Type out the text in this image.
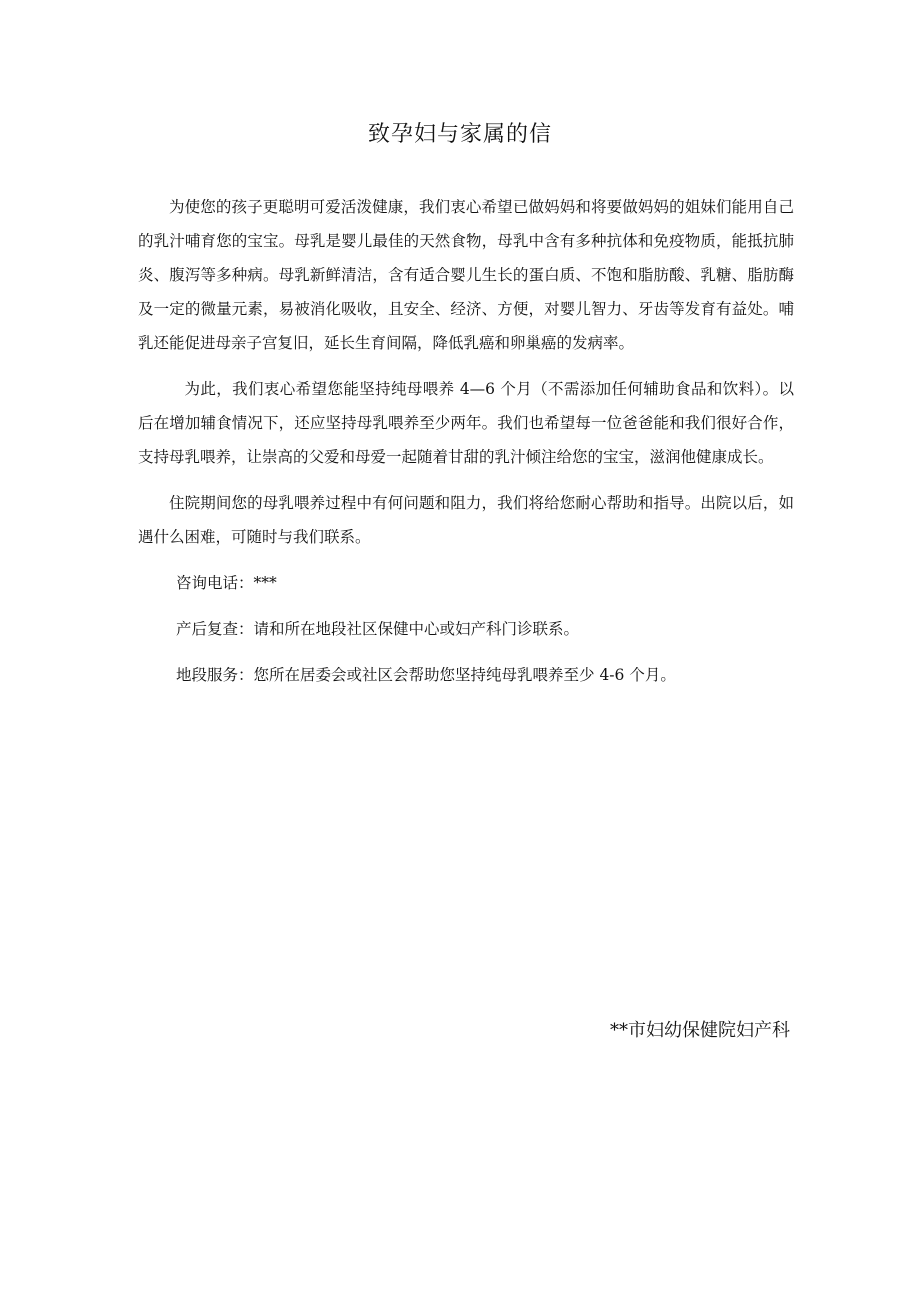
致孕妇与家属的信

为使您的孩子更聪明可爱活泼健康，我们衷心希望已做妈妈和将要做妈妈的姐妹们能用自己的乳汁哺育您的宝宝。母乳是婴儿最佳的天然食物，母乳中含有多种抗体和免疫物质，能抵抗肺炎、腹泻等多种病。母乳新鲜清洁，含有适合婴儿生长的蛋白质、不饱和脂肪酸、乳糖、脂肪酶及一定的微量元素，易被消化吸收，且安全、经济、方便，对婴儿智力、牙齿等发育有益处。哺乳还能促进母亲子宫复旧，延长生育间隔，降低乳癌和卵巢癌的发病率。

为此，我们衷心希望您能坚持纯母喂养 4—6 个月（不需添加任何辅助食品和饮料）。以后在增加辅食情况下，还应坚持母乳喂养至少两年。我们也希望每一位爸爸能和我们很好合作，支持母乳喂养，让崇高的父爱和母爱一起随着甘甜的乳汁倾注给您的宝宝，滋润他健康成长。

住院期间您的母乳喂养过程中有何问题和阻力，我们将给您耐心帮助和指导。出院以后，如遇什么困难，可随时与我们联系。

咨询电话：***
产后复查：请和所在地段社区保健中心或妇产科门诊联系。
地段服务：您所在居委会或社区会帮助您坚持纯母乳喂养至少 4-6 个月。
**市妇幼保健院妇产科
